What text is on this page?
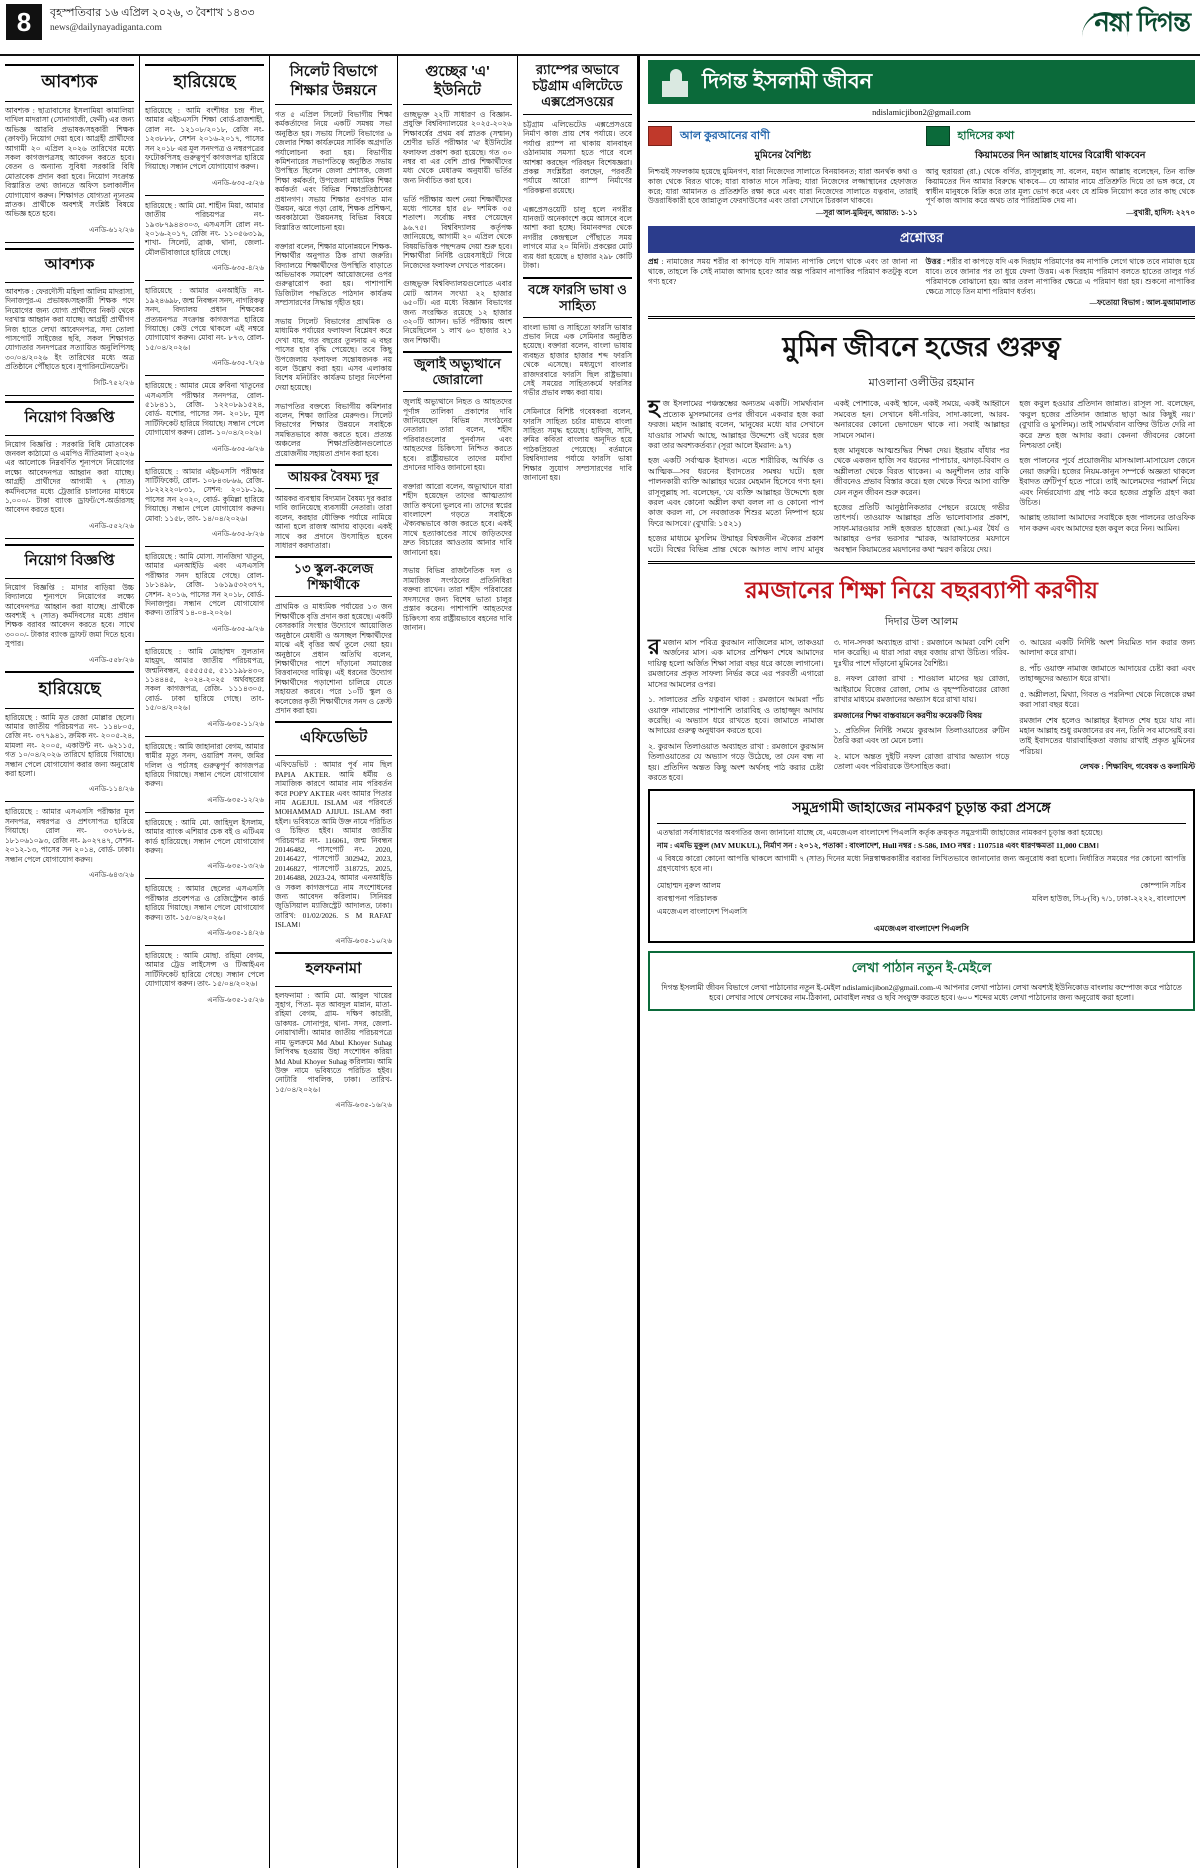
8	বৃহস্পতিবার ১৬ এপ্রিল ২০২৬, ৩ বৈশাখ ১৪৩৩
news@dailynayadiganta.com	নয়া দিগন্ত
আবশ্যক
আবশ্যক : ছাত্রাবাসের ইসলামিয়া কামালিয়া দাখিল মাদরাসা (সোনাগাজী, ফেনী) এর জন্য অভিজ্ঞ আরবি প্রভাষক/সহকারী শিক্ষক (ক্রাফট) নিয়োগ দেয়া হবে। আগ্রহী প্রার্থীদের আগামী ২০ এপ্রিল ২০২৬ তারিখের মধ্যে সকল কাগজপত্রসহ আবেদন করতে হবে। বেতন ও অন্যান্য সুবিধা সরকারি বিধি মোতাবেক প্রদান করা হবে। নিয়োগ সংক্রান্ত বিস্তারিত তথ্য জানতে অফিস চলাকালীন যোগাযোগ করুন। শিক্ষাগত যোগ্যতা ন্যূনতম স্নাতক। প্রার্থীকে অবশ্যই সংশ্লিষ্ট বিষয়ে অভিজ্ঞ হতে হবে।
এনডি-৬১২/২৬
আবশ্যক
আবশ্যক : ফেরদৌসী মহিলা আলিম মাদরাসা, দিনাজপুর-এ প্রভাষক/সহকারী শিক্ষক পদে নিয়োগের জন্য যোগ্য প্রার্থীদের নিকট থেকে দরখাস্ত আহ্বান করা যাচ্ছে। আগ্রহী প্রার্থীগণ নিজ হাতে লেখা আবেদনপত্র, সদ্য তোলা পাসপোর্ট সাইজের ছবি, সকল শিক্ষাগত যোগ্যতার সনদপত্রের সত্যায়িত অনুলিপিসহ ৩০/০৪/২০২৬ ইং তারিখের মধ্যে অত্র প্রতিষ্ঠানে পৌঁছাতে হবে। সুপারিনটেনডেন্ট।
সিটি-৭৫২/২৬
নিয়োগ বিজ্ঞপ্তি
নিয়োগ বিজ্ঞপ্তি : সরকারি বিধি মোতাবেক জনবল কাঠামো ও এমপিও নীতিমালা ২০২৬ এর আলোকে নিম্নবর্ণিত শূন্যপদে নিয়োগের লক্ষ্যে আবেদনপত্র আহ্বান করা যাচ্ছে। আগ্রহী প্রার্থীদের আগামী ৭ (সাত) কর্মদিবসের মধ্যে ট্রেজারি চালানের মাধ্যমে ১,০০০/- টাকা ব্যাংক ড্রাফট/পে-অর্ডারসহ আবেদন করতে হবে।
এনডি-৫৫২/২৬
নিয়োগ বিজ্ঞপ্তি
নিয়োগ বিজ্ঞপ্তি : মাদার বাড়িয়া উচ্চ বিদ্যালয়ে শূন্যপদে নিয়োগের লক্ষ্যে আবেদনপত্র আহ্বান করা যাচ্ছে। প্রার্থীকে অবশ্যই ৭ (সাত) কর্মদিবসের মধ্যে প্রধান শিক্ষক বরাবর আবেদন করতে হবে। সাথে ৩০০০/- টাকার ব্যাংক ড্রাফট জমা দিতে হবে। সুপার।
এনডি-৫৫৮/২৬
হারিয়েছে
হারিয়েছে : আমি মৃত রেজা মোল্লার ছেলে। আমার জাতীয় পরিচয়পত্র নং- ১১৪৮০৫, রেজি নং- ৩৭৭৯৪১, ক্রমিক নং- ২০০৫-২৪, মামলা নং- ২০০৫, একাউন্ট নং- ৬২১১৫, গত ১০/০৪/২০২৬ তারিখে হারিয়ে গিয়াছে। সন্ধান পেলে যোগাযোগ করার জন্য অনুরোধ করা হলো।
এনডি-১১৪/২৬
হারিয়েছে : আমার এসএসসি পরীক্ষার মূল সনদপত্র, নম্বরপত্র ও প্রশংসাপত্র হারিয়ে গিয়াছে। রোল নং- ৩৩৭৮৮৪, ১৮১০৬১০৯৩, রেজি নং- ৯০২৭৪৭, সেশন- ২০১২-১৩, পাসের সন ২০১৪, বোর্ড- ঢাকা। সন্ধান পেলে যোগাযোগ করুন।
এনডি-৬৪৩/২৬
হারিয়েছে
হারিয়েছে : আমি বংশীধর চন্দ্র শীল, আমার এইচএসসি শিক্ষা বোর্ড-রাজশাহী, রোল নং- ১২১০৮/২০১৮, রেজি নং- ১২৩৮৮৮, সেশন ২০১৬-২০১৭, পাসের সন ২০১৮ এর মূল সনদপত্র ও নম্বরপত্রের ফটোকপিসহ গুরুত্বপূর্ণ কাগজপত্র হারিয়ে গিয়াছে। সন্ধান পেলে যোগাযোগ করুন।
এনডি-৬৩৫-৫/২৬
হারিয়েছে : আমি মো. শাহীন মিয়া, আমার জাতীয় পরিচয়পত্র নং- ১৯৩৮৭৯৪৪৩০৩, এসএসসি রোল নং- ২০১৬-২০১৭, রেজি নং- ১১০৫৬৩১৯, শাখা- সিলেট, ব্রাঞ্চ, থানা, জেলা- মৌলভীবাজারে হারিয়ে গেছে।
এনডি-৬৩৫-৪/২৬
হারিয়েছে : আমার এনআইডি নং- ১৯২৪৬৯৮, জন্ম নিবন্ধন সনদ, নাগরিকত্ব সনদ, বিদ্যালয় প্রধান শিক্ষকের প্রত্যয়নপত্র সংক্রান্ত কাগজপত্র হারিয়ে গিয়াছে। কেউ পেয়ে থাকলে এই নম্বরে যোগাযোগ করুন। মোবা নং- ৮৭৩, রোল- ১৫/০৪/২০২৬।
এনডি-৬৩৫-৭/২৬
হারিয়েছে : আমার মেয়ে রুবিনা খাতুনের এসএসসি পরীক্ষার সনদপত্র, রোল- ৫১৮৪১১, রেজি- ১২২০৮৯১৫২৪, বোর্ড- যশোর, পাসের সন- ২০১৮, মূল সার্টিফিকেট হারিয়ে গিয়াছে। সন্ধান পেলে যোগাযোগ করুন। রোল- ১০/০৪/২০২৬।
এনডি-৬৩৫-৬/২৬
হারিয়েছে : আমার এইচএসসি পরীক্ষার সার্টিফিকেট, রোল- ১০৮৪৩৮৬৬, রেজি- ১৮২২২২০৮৩১, সেশন: ২০১৮-১৯, পাসের সন ২০২০, বোর্ড- কুমিল্লা হারিয়ে গিয়াছে। সন্ধান পেলে যোগাযোগ করুন। মোবা: ১১৫৮, তাং- ১৪/০৪/২০২৬।
এনডি-৬৩৫-৮/২৬
হারিয়েছে : আমি মোসা. সানজিদা খাতুন, আমার এনআইডি এবং এসএসসি পরীক্ষার সনদ হারিয়ে গেছে। রোল- ১৮১৪৯৮, রেজি- ১৬১৯৫৩২৩৭৭, সেশন- ২০১৬, পাসের সন ২০১৮, বোর্ড- দিনাজপুর। সন্ধান পেলে যোগাযোগ করুন। তারিখ ১৪-০৪-২০২৬।
এনডি-৬৩৫-৯/২৬
হারিয়েছে : আমি মোহাম্মদ সুলতান মাহমুদ, আমার জাতীয় পরিচয়পত্র, জন্মনিবন্ধন, ৫৫৫৫৫৫, ৫১১১৯৮৪৩০, ১১৪৪৪৫, ২০২৪-২০২৫ অর্থবছরের সকল কাগজপত্র, রেজি- ১১১৪৩০৫, বোর্ড- ঢাকা হারিয়ে গেছে। তাং- ১৫/০৪/২০২৬।
এনডি-৬৩৫-১১/২৬
হারিয়েছে : আমি জাহানারা বেগম, আমার স্বামীর মৃত্যু সনদ, ওয়ারিশ সনদ, জমির দলিল ও পর্চাসহ গুরুত্বপূর্ণ কাগজপত্র হারিয়ে গিয়াছে। সন্ধান পেলে যোগাযোগ করুন।
এনডি-৬৩৫-১২/২৬
হারিয়েছে : আমি মো. জাহিদুল ইসলাম, আমার ব্যাংক এশিয়ার চেক বই ও এটিএম কার্ড হারিয়েছে। সন্ধান পেলে যোগাযোগ করুন।
এনডি-৬৩৫-১৩/২৬
হারিয়েছে : আমার ছেলের এসএসসি পরীক্ষার প্রবেশপত্র ও রেজিস্ট্রেশন কার্ড হারিয়ে গিয়াছে। সন্ধান পেলে যোগাযোগ করুন। তাং- ১৫/০৪/২০২৬।
এনডি-৬৩৫-১৪/২৬
হারিয়েছে : আমি মোছা. রহিমা বেগম, আমার ট্রেড লাইসেন্স ও টিআইএন সার্টিফিকেট হারিয়ে গেছে। সন্ধান পেলে যোগাযোগ করুন। তাং- ১৫/০৪/২০২৬।
এনডি-৬৩৫-১৫/২৬
সিলেট বিভাগে শিক্ষার উন্নয়নে
গত ৫ এপ্রিল সিলেট বিভাগীয় শিক্ষা কর্মকর্তাদের নিয়ে একটি সমন্বয় সভা অনুষ্ঠিত হয়। সভায় সিলেট বিভাগের ৬ জেলার শিক্ষা কার্যক্রমের সার্বিক অগ্রগতি পর্যালোচনা করা হয়। বিভাগীয় কমিশনারের সভাপতিত্বে অনুষ্ঠিত সভায় উপস্থিত ছিলেন জেলা প্রশাসক, জেলা শিক্ষা কর্মকর্তা, উপজেলা মাধ্যমিক শিক্ষা কর্মকর্তা এবং বিভিন্ন শিক্ষাপ্রতিষ্ঠানের প্রধানগণ। সভায় শিক্ষার গুণগত মান উন্নয়ন, ঝরে পড়া রোধ, শিক্ষক প্রশিক্ষণ, অবকাঠামো উন্নয়নসহ বিভিন্ন বিষয়ে বিস্তারিত আলোচনা হয়।

বক্তারা বলেন, শিক্ষার মানোন্নয়নে শিক্ষক-শিক্ষার্থীর অনুপাত ঠিক রাখা জরুরি। বিদ্যালয়ে শিক্ষার্থীদের উপস্থিতি বাড়াতে অভিভাবক সমাবেশ আয়োজনের ওপর গুরুত্বারোপ করা হয়। পাশাপাশি ডিজিটাল পদ্ধতিতে পাঠদান কার্যক্রম সম্প্রসারণের সিদ্ধান্ত গৃহীত হয়।

সভায় সিলেট বিভাগের প্রাথমিক ও মাধ্যমিক পর্যায়ের ফলাফল বিশ্লেষণ করে দেখা যায়, গত বছরের তুলনায় এ বছর পাসের হার বৃদ্ধি পেয়েছে। তবে কিছু উপজেলায় ফলাফল সন্তোষজনক নয় বলে উল্লেখ করা হয়। এসব এলাকায় বিশেষ মনিটরিং কার্যক্রম চালুর নির্দেশনা দেয়া হয়েছে।

সভাপতির বক্তব্যে বিভাগীয় কমিশনার বলেন, শিক্ষা জাতির মেরুদণ্ড। সিলেট বিভাগের শিক্ষার উন্নয়নে সবাইকে সমন্বিতভাবে কাজ করতে হবে। প্রত্যন্ত অঞ্চলের শিক্ষাপ্রতিষ্ঠানগুলোতে প্রয়োজনীয় সহায়তা প্রদান করা হবে।
আয়কর বৈষম্য দূর
আয়কর ব্যবস্থায় বিদ্যমান বৈষম্য দূর করার দাবি জানিয়েছে ব্যবসায়ী নেতারা। তারা বলেন, করহার যৌক্তিক পর্যায়ে নামিয়ে আনা হলে রাজস্ব আদায় বাড়বে। একই সাথে কর প্রদানে উৎসাহিত হবেন সাধারণ করদাতারা।
১৩ স্কুল-কলেজ শিক্ষার্থীকে
প্রাথমিক ও মাধ্যমিক পর্যায়ের ১৩ জন শিক্ষার্থীকে বৃত্তি প্রদান করা হয়েছে। একটি বেসরকারি সংস্থার উদ্যোগে আয়োজিত অনুষ্ঠানে মেধাবী ও অসচ্ছল শিক্ষার্থীদের মাঝে এই বৃত্তির অর্থ তুলে দেয়া হয়। অনুষ্ঠানে প্রধান অতিথি বলেন, শিক্ষার্থীদের পাশে দাঁড়ানো সমাজের বিত্তবানদের দায়িত্ব। এই ধরনের উদ্যোগ শিক্ষার্থীদের পড়াশোনা চালিয়ে যেতে সহায়তা করবে। পরে ১০টি স্কুল ও কলেজের কৃতী শিক্ষার্থীদের সনদ ও ক্রেস্ট প্রদান করা হয়।
এফিডেভিট
এফিডেভিট : আমার পূর্ব নাম ছিল PAPIA AKTER. আমি ধর্মীয় ও সামাজিক কারণে আমার নাম পরিবর্তন করে POPY AKTER এবং আমার পিতার নাম AGEJUL ISLAM এর পরিবর্তে MOHAMMAD AJIJUL ISLAM করা হইল। ভবিষ্যতে আমি উক্ত নামে পরিচিত ও চিহ্নিত হইব। আমার জাতীয় পরিচয়পত্র নং- 116061, জন্ম নিবন্ধন 20146482, পাসপোর্ট নং- 2020, 20146427, পাসপোর্ট 302942, 2023, 20146827, পাসপোর্ট 318725, 2025, 20146488, 2023-24, আমার এনআইডি ও সকল কাগজপত্রে নাম সংশোধনের জন্য আবেদন করিলাম। সিনিয়র জুডিসিয়াল ম্যাজিস্ট্রেট আদালত, ঢাকা। তারিখ: 01/02/2026. S M RAFAT ISLAM।
এনডি-৬৩৫-১০/২৬
হলফনামা
হলফনামা : আমি মো. আবুল খায়ের সুহাগ, পিতা- মৃত আবদুল মান্নান, মাতা- রহিমা বেগম, গ্রাম- দক্ষিণ কাচারী, ডাকঘর- সোনাপুর, থানা- সদর, জেলা- নোয়াখালী। আমার জাতীয় পরিচয়পত্রে নাম ভুলক্রমে Md Abul Khoyer Suhag লিপিবদ্ধ হওয়ায় উহা সংশোধন করিয়া Md Abul Khoyer Suhag করিলাম। আমি উক্ত নামে ভবিষ্যতে পরিচিত হইব। নোটারি পাবলিক, ঢাকা। তারিখ- ১৫/০৪/২০২৬।
এনডি-৬৩৫-১৬/২৬
গুচ্ছের 'এ' ইউনিটে
গুচ্ছভুক্ত ২২টি সাধারণ ও বিজ্ঞান-প্রযুক্তি বিশ্ববিদ্যালয়ের ২০২৫-২০২৬ শিক্ষাবর্ষের প্রথম বর্ষ স্নাতক (সম্মান) শ্রেণীর ভর্তি পরীক্ষার 'এ' ইউনিটের ফলাফল প্রকাশ করা হয়েছে। গত ৩০ নম্বর বা এর বেশি প্রাপ্ত শিক্ষার্থীদের মধ্য থেকে মেধাক্রম অনুযায়ী ভর্তির জন্য নির্বাচিত করা হবে।

ভর্তি পরীক্ষায় অংশ নেয়া শিক্ষার্থীদের মধ্যে পাসের হার ৫৮ দশমিক ৩৫ শতাংশ। সর্বোচ্চ নম্বর পেয়েছেন ৯৬.৭৫। বিশ্ববিদ্যালয় কর্তৃপক্ষ জানিয়েছে, আগামী ২০ এপ্রিল থেকে বিষয়ভিত্তিক পছন্দক্রম দেয়া শুরু হবে। শিক্ষার্থীরা নির্দিষ্ট ওয়েবসাইটে গিয়ে নিজেদের ফলাফল দেখতে পারবেন।

গুচ্ছভুক্ত বিশ্ববিদ্যালয়গুলোতে এবার মোট আসন সংখ্যা ২২ হাজার ৬৫০টি। এর মধ্যে বিজ্ঞান বিভাগের জন্য সংরক্ষিত রয়েছে ১২ হাজার ৩২০টি আসন। ভর্তি পরীক্ষায় অংশ নিয়েছিলেন ১ লাখ ৬০ হাজার ২১ জন শিক্ষার্থী।
জুলাই অভ্যুত্থানে জোরালো
জুলাই অভ্যুত্থানে নিহত ও আহতদের পূর্ণাঙ্গ তালিকা প্রকাশের দাবি জানিয়েছেন বিভিন্ন সংগঠনের নেতারা। তারা বলেন, শহীদ পরিবারগুলোর পুনর্বাসন এবং আহতদের চিকিৎসা নিশ্চিত করতে হবে। রাষ্ট্রীয়ভাবে তাদের মর্যাদা প্রদানের দাবিও জানানো হয়।

বক্তারা আরো বলেন, অভ্যুত্থানে যারা শহীদ হয়েছেন তাদের আত্মত্যাগ জাতি কখনো ভুলবে না। তাদের স্বপ্নের বাংলাদেশ গড়তে সবাইকে ঐক্যবদ্ধভাবে কাজ করতে হবে। একই সাথে হত্যাকাণ্ডের সাথে জড়িতদের দ্রুত বিচারের আওতায় আনার দাবি জানানো হয়।

সভায় বিভিন্ন রাজনৈতিক দল ও সামাজিক সংগঠনের প্রতিনিধিরা বক্তব্য রাখেন। তারা শহীদ পরিবারের সদস্যদের জন্য বিশেষ ভাতা চালুর প্রস্তাব করেন। পাশাপাশি আহতদের চিকিৎসা ব্যয় রাষ্ট্রীয়ভাবে বহনের দাবি জানান।
র‌্যাম্পের অভাবে চট্টগ্রাম এলিটেডে এক্সপ্রেসওয়ের
চট্টগ্রাম এলিভেটেড এক্সপ্রেসওয়ে নির্মাণ কাজ প্রায় শেষ পর্যায়ে। তবে পর্যাপ্ত র‌্যাম্প না থাকায় যানবাহন ওঠানামায় সমস্যা হতে পারে বলে আশঙ্কা করছেন পরিবহন বিশেষজ্ঞরা। প্রকল্প সংশ্লিষ্টরা বলছেন, পরবর্তী পর্যায়ে আরো র‌্যাম্প নির্মাণের পরিকল্পনা রয়েছে।

এক্সপ্রেসওয়েটি চালু হলে নগরীর যানজট অনেকাংশে কমে আসবে বলে আশা করা হচ্ছে। বিমানবন্দর থেকে নগরীর কেন্দ্রস্থলে পৌঁছাতে সময় লাগবে মাত্র ২০ মিনিট। প্রকল্পের মোট ব্যয় ধরা হয়েছে ৪ হাজার ২৯৮ কোটি টাকা।
বঙ্গে ফারসি ভাষা ও সাহিত্য
বাংলা ভাষা ও সাহিত্যে ফারসি ভাষার প্রভাব নিয়ে এক সেমিনার অনুষ্ঠিত হয়েছে। বক্তারা বলেন, বাংলা ভাষায় ব্যবহৃত হাজার হাজার শব্দ ফারসি থেকে এসেছে। মধ্যযুগে বাংলার রাজদরবারে ফারসি ছিল রাষ্ট্রভাষা। সেই সময়ের সাহিত্যকর্মে ফারসির গভীর প্রভাব লক্ষ্য করা যায়।

সেমিনারে বিশিষ্ট গবেষকরা বলেন, ফারসি সাহিত্য চর্চার মাধ্যমে বাংলা সাহিত্য সমৃদ্ধ হয়েছে। হাফিজ, সাদি, রুমির কবিতা বাংলায় অনূদিত হয়ে পাঠকপ্রিয়তা পেয়েছে। বর্তমানে বিশ্ববিদ্যালয় পর্যায়ে ফারসি ভাষা শিক্ষার সুযোগ সম্প্রসারণের দাবি জানানো হয়।
দিগন্ত ইসলামী জীবন
ndislamicjibon2@gmail.com
আল কুরআনের বাণী
মুমিনের বৈশিষ্ট্য
নিশ্চয়ই সফলকাম হয়েছে মুমিনগণ, যারা নিজেদের সালাতে বিনয়াবনত; যারা অনর্থক কথা ও কাজ থেকে বিরত থাকে; যারা যাকাত দানে সক্রিয়; যারা নিজেদের লজ্জাস্থানের হেফাজত করে; যারা আমানত ও প্রতিশ্রুতি রক্ষা করে এবং যারা নিজেদের সালাতে যত্নবান, তারাই উত্তরাধিকারী হবে জান্নাতুল ফেরদাউসের এবং তারা সেখানে চিরকাল থাকবে।
—সূরা আল-মুমিনুন, আয়াত: ১-১১
হাদিসের কথা
কিয়ামতের দিন আল্লাহ যাদের বিরোধী থাকবেন
আবু হুরায়রা (রা.) থেকে বর্ণিত, রাসূলুল্লাহ সা. বলেন, মহান আল্লাহ বলেছেন, তিন ব্যক্তি কিয়ামতের দিন আমার বিরুদ্ধে থাকবে— যে আমার নামে প্রতিশ্রুতি দিয়ে তা ভঙ্গ করে, যে স্বাধীন মানুষকে বিক্রি করে তার মূল্য ভোগ করে এবং যে শ্রমিক নিয়োগ করে তার কাছ থেকে পূর্ণ কাজ আদায় করে অথচ তার পারিশ্রমিক দেয় না।
—বুখারী, হাদিস: ২২৭০
প্রশ্নোত্তর
প্রশ্ন : নামাজের সময় শরীর বা কাপড়ে যদি সামান্য নাপাকি লেগে থাকে এবং তা জানা না থাকে, তাহলে কি সেই নামাজ আদায় হবে? আর অল্প পরিমাণ নাপাকির পরিমাণ কতটুকু বলে গণ্য হবে?
উত্তর : শরীর বা কাপড়ে যদি এক দিরহাম পরিমাণের কম নাপাকি লেগে থাকে তবে নামাজ হয়ে যাবে। তবে জানার পর তা ধুয়ে ফেলা উত্তম। এক দিরহাম পরিমাণ বলতে হাতের তালুর গর্ত পরিমাণকে বোঝানো হয়। আর তরল নাপাকির ক্ষেত্রে এ পরিমাণ ধরা হয়। শুকনো নাপাকির ক্ষেত্রে সাড়ে তিন মাশা পরিমাণ ধর্তব্য।
—ফতোয়া বিভাগ : আল-মুআমালাত
মুমিন জীবনে হজের গুরুত্ব
মাওলানা ওলীউর রহমান

হজ ইসলামের পঞ্চস্তম্ভের অন্যতম একটি। সামর্থ্যবান প্রত্যেক মুসলমানের ওপর জীবনে একবার হজ করা ফরজ। মহান আল্লাহ বলেন, 'মানুষের মধ্যে যার সেখানে যাওয়ার সামর্থ্য আছে, আল্লাহর উদ্দেশ্যে ওই ঘরের হজ করা তার অবশ্যকর্তব্য।' (সূরা আলে ইমরান: ৯৭)

হজ একটি সর্বাত্মক ইবাদত। এতে শারীরিক, আর্থিক ও আত্মিক—সব ধরনের ইবাদতের সমন্বয় ঘটে। হজ পালনকারী ব্যক্তি আল্লাহর ঘরের মেহমান হিসেবে গণ্য হন। রাসূলুল্লাহ সা. বলেছেন, 'যে ব্যক্তি আল্লাহর উদ্দেশ্যে হজ করল এবং কোনো অশ্লীল কথা বলল না ও কোনো পাপ কাজ করল না, সে নবজাতক শিশুর মতো নিষ্পাপ হয়ে ফিরে আসবে।' (বুখারি: ১৫২১)

হজের মাধ্যমে মুসলিম উম্মাহর বিশ্বজনীন ঐক্যের প্রকাশ ঘটে। বিশ্বের বিভিন্ন প্রান্ত থেকে আগত লাখ লাখ মানুষ একই পোশাকে, একই স্থানে, একই সময়ে, একই আহ্বানে সমবেত হন। সেখানে ধনী-গরিব, সাদা-কালো, আরব-অনারবের কোনো ভেদাভেদ থাকে না। সবাই আল্লাহর সামনে সমান।

হজ মানুষকে আত্মশুদ্ধির শিক্ষা দেয়। ইহরাম বাঁধার পর থেকে একজন হাজি সব ধরনের পাপাচার, ঝগড়া-বিবাদ ও অশ্লীলতা থেকে বিরত থাকেন। এ অনুশীলন তার বাকি জীবনেও প্রভাব বিস্তার করে। হজ থেকে ফিরে আসা ব্যক্তি যেন নতুন জীবন শুরু করেন।

হজের প্রতিটি আনুষ্ঠানিকতার পেছনে রয়েছে গভীর তাৎপর্য। তাওয়াফ আল্লাহর প্রতি ভালোবাসার প্রকাশ, সাফা-মারওয়ার সাঈ হজরত হাজেরা (আ.)-এর ধৈর্য ও আল্লাহর ওপর ভরসার স্মারক, আরাফাতের ময়দানে অবস্থান কিয়ামতের ময়দানের কথা স্মরণ করিয়ে দেয়।

হজ কবুল হওয়ার প্রতিদান জান্নাত। রাসূল সা. বলেছেন, 'কবুল হজের প্রতিদান জান্নাত ছাড়া আর কিছুই নয়।' (বুখারি ও মুসলিম)। তাই সামর্থ্যবান ব্যক্তির উচিত দেরি না করে দ্রুত হজ আদায় করা। কেননা জীবনের কোনো নিশ্চয়তা নেই।

হজ পালনের পূর্বে প্রয়োজনীয় মাসআলা-মাসায়েল জেনে নেয়া জরুরি। হজের নিয়ম-কানুন সম্পর্কে অজ্ঞতা থাকলে ইবাদত ত্রুটিপূর্ণ হতে পারে। তাই আলেমদের পরামর্শ নিয়ে এবং নির্ভরযোগ্য গ্রন্থ পাঠ করে হজের প্রস্তুতি গ্রহণ করা উচিত।

আল্লাহ তায়ালা আমাদের সবাইকে হজ পালনের তাওফিক দান করুন এবং আমাদের হজ কবুল করে নিন। আমিন।

রমজানের শিক্ষা নিয়ে বছরব্যাপী করণীয়
দিদার উল আলম

রমজান মাস পবিত্র কুরআন নাজিলের মাস, তাকওয়া অর্জনের মাস। এক মাসের প্রশিক্ষণ শেষে আমাদের দায়িত্ব হলো অর্জিত শিক্ষা সারা বছর ধরে কাজে লাগানো। রমজানের প্রকৃত সাফল্য নির্ভর করে এর পরবর্তী এগারো মাসের আমলের ওপর।

১. সালাতের প্রতি যত্নবান থাকা : রমজানে আমরা পাঁচ ওয়াক্ত নামাজের পাশাপাশি তারাবিহ ও তাহাজ্জুদ আদায় করেছি। এ অভ্যাস ধরে রাখতে হবে। জামাতে নামাজ আদায়ের গুরুত্ব অনুধাবন করতে হবে।

২. কুরআন তিলাওয়াত অব্যাহত রাখা : রমজানে কুরআন তিলাওয়াতের যে অভ্যাস গড়ে উঠেছে, তা যেন বন্ধ না হয়। প্রতিদিন অন্তত কিছু অংশ অর্থসহ পাঠ করার চেষ্টা করতে হবে।

৩. দান-সদকা অব্যাহত রাখা : রমজানে আমরা বেশি বেশি দান করেছি। এ ধারা সারা বছর বজায় রাখা উচিত। গরিব-দুঃখীর পাশে দাঁড়ানো মুমিনের বৈশিষ্ট্য।

৪. নফল রোজা রাখা : শাওয়াল মাসের ছয় রোজা, আইয়ামে বিজের রোজা, সোম ও বৃহস্পতিবারের রোজা রাখার মাধ্যমে রমজানের অভ্যাস ধরে রাখা যায়।

রমজানের শিক্ষা বাস্তবায়নে করণীয় কয়েকটি বিষয়

১. প্রতিদিন নির্দিষ্ট সময়ে কুরআন তিলাওয়াতের রুটিন তৈরি করা এবং তা মেনে চলা।

২. মাসে অন্তত দুইটি নফল রোজা রাখার অভ্যাস গড়ে তোলা এবং পরিবারকে উৎসাহিত করা।

৩. আয়ের একটি নির্দিষ্ট অংশ নিয়মিত দান করার জন্য আলাদা করে রাখা।

৪. পাঁচ ওয়াক্ত নামাজ জামাতে আদায়ের চেষ্টা করা এবং তাহাজ্জুদের অভ্যাস ধরে রাখা।

৫. অশ্লীলতা, মিথ্যা, গিবত ও পরনিন্দা থেকে নিজেকে রক্ষা করা সারা বছর ধরে।

রমজান শেষ হলেও আল্লাহর ইবাদত শেষ হয়ে যায় না। মহান আল্লাহ শুধু রমজানের রব নন, তিনি সব মাসেরই রব। তাই ইবাদতের ধারাবাহিকতা বজায় রাখাই প্রকৃত মুমিনের পরিচয়।

লেখক : শিক্ষাবিদ, গবেষক ও কলামিস্ট

সমুদ্রগামী জাহাজের নামকরণ চূড়ান্ত করা প্রসঙ্গে
এতদ্বারা সর্বসাধারণের অবগতির জন্য জানানো যাচ্ছে যে, এমজেএল বাংলাদেশ পিএলসি কর্তৃক ক্রয়কৃত সমুদ্রগামী জাহাজের নামকরণ চূড়ান্ত করা হয়েছে।
নাম : এমভি মুকুল (MV MUKUL), নির্মাণ সন : ২০১২, পতাকা : বাংলাদেশ, Hull নম্বর : S-586, IMO নম্বর : 1107518 এবং ধারণক্ষমতা 11,000 CBM।
এ বিষয়ে কারো কোনো আপত্তি থাকলে আগামী ৭ (সাত) দিনের মধ্যে নিম্নস্বাক্ষরকারীর বরাবর লিখিতভাবে জানানোর জন্য অনুরোধ করা হলো। নির্ধারিত সময়ের পর কোনো আপত্তি গ্রহণযোগ্য হবে না।
মোহাম্মদ নুরুল আলম
ব্যবস্থাপনা পরিচালক
এমজেএল বাংলাদেশ পিএলসি
কোম্পানি সচিব
মবিল হাউজ, সি-৮(বি) ৭/১, ঢাকা-২২২২, বাংলাদেশ
এমজেএল বাংলাদেশ পিএলসি
লেখা পাঠান নতুন ই-মেইলে

দিগন্ত ইসলামী জীবন বিভাগে লেখা পাঠানোর নতুন ই-মেইল ndislamicjibon2@gmail.com-এ আপনার লেখা পাঠান। লেখা অবশ্যই ইউনিকোড বাংলায় কম্পোজ করে পাঠাতে হবে। লেখার সাথে লেখকের নাম-ঠিকানা, মোবাইল নম্বর ও ছবি সংযুক্ত করতে হবে। ৬০০ শব্দের মধ্যে লেখা পাঠানোর জন্য অনুরোধ করা হলো।
